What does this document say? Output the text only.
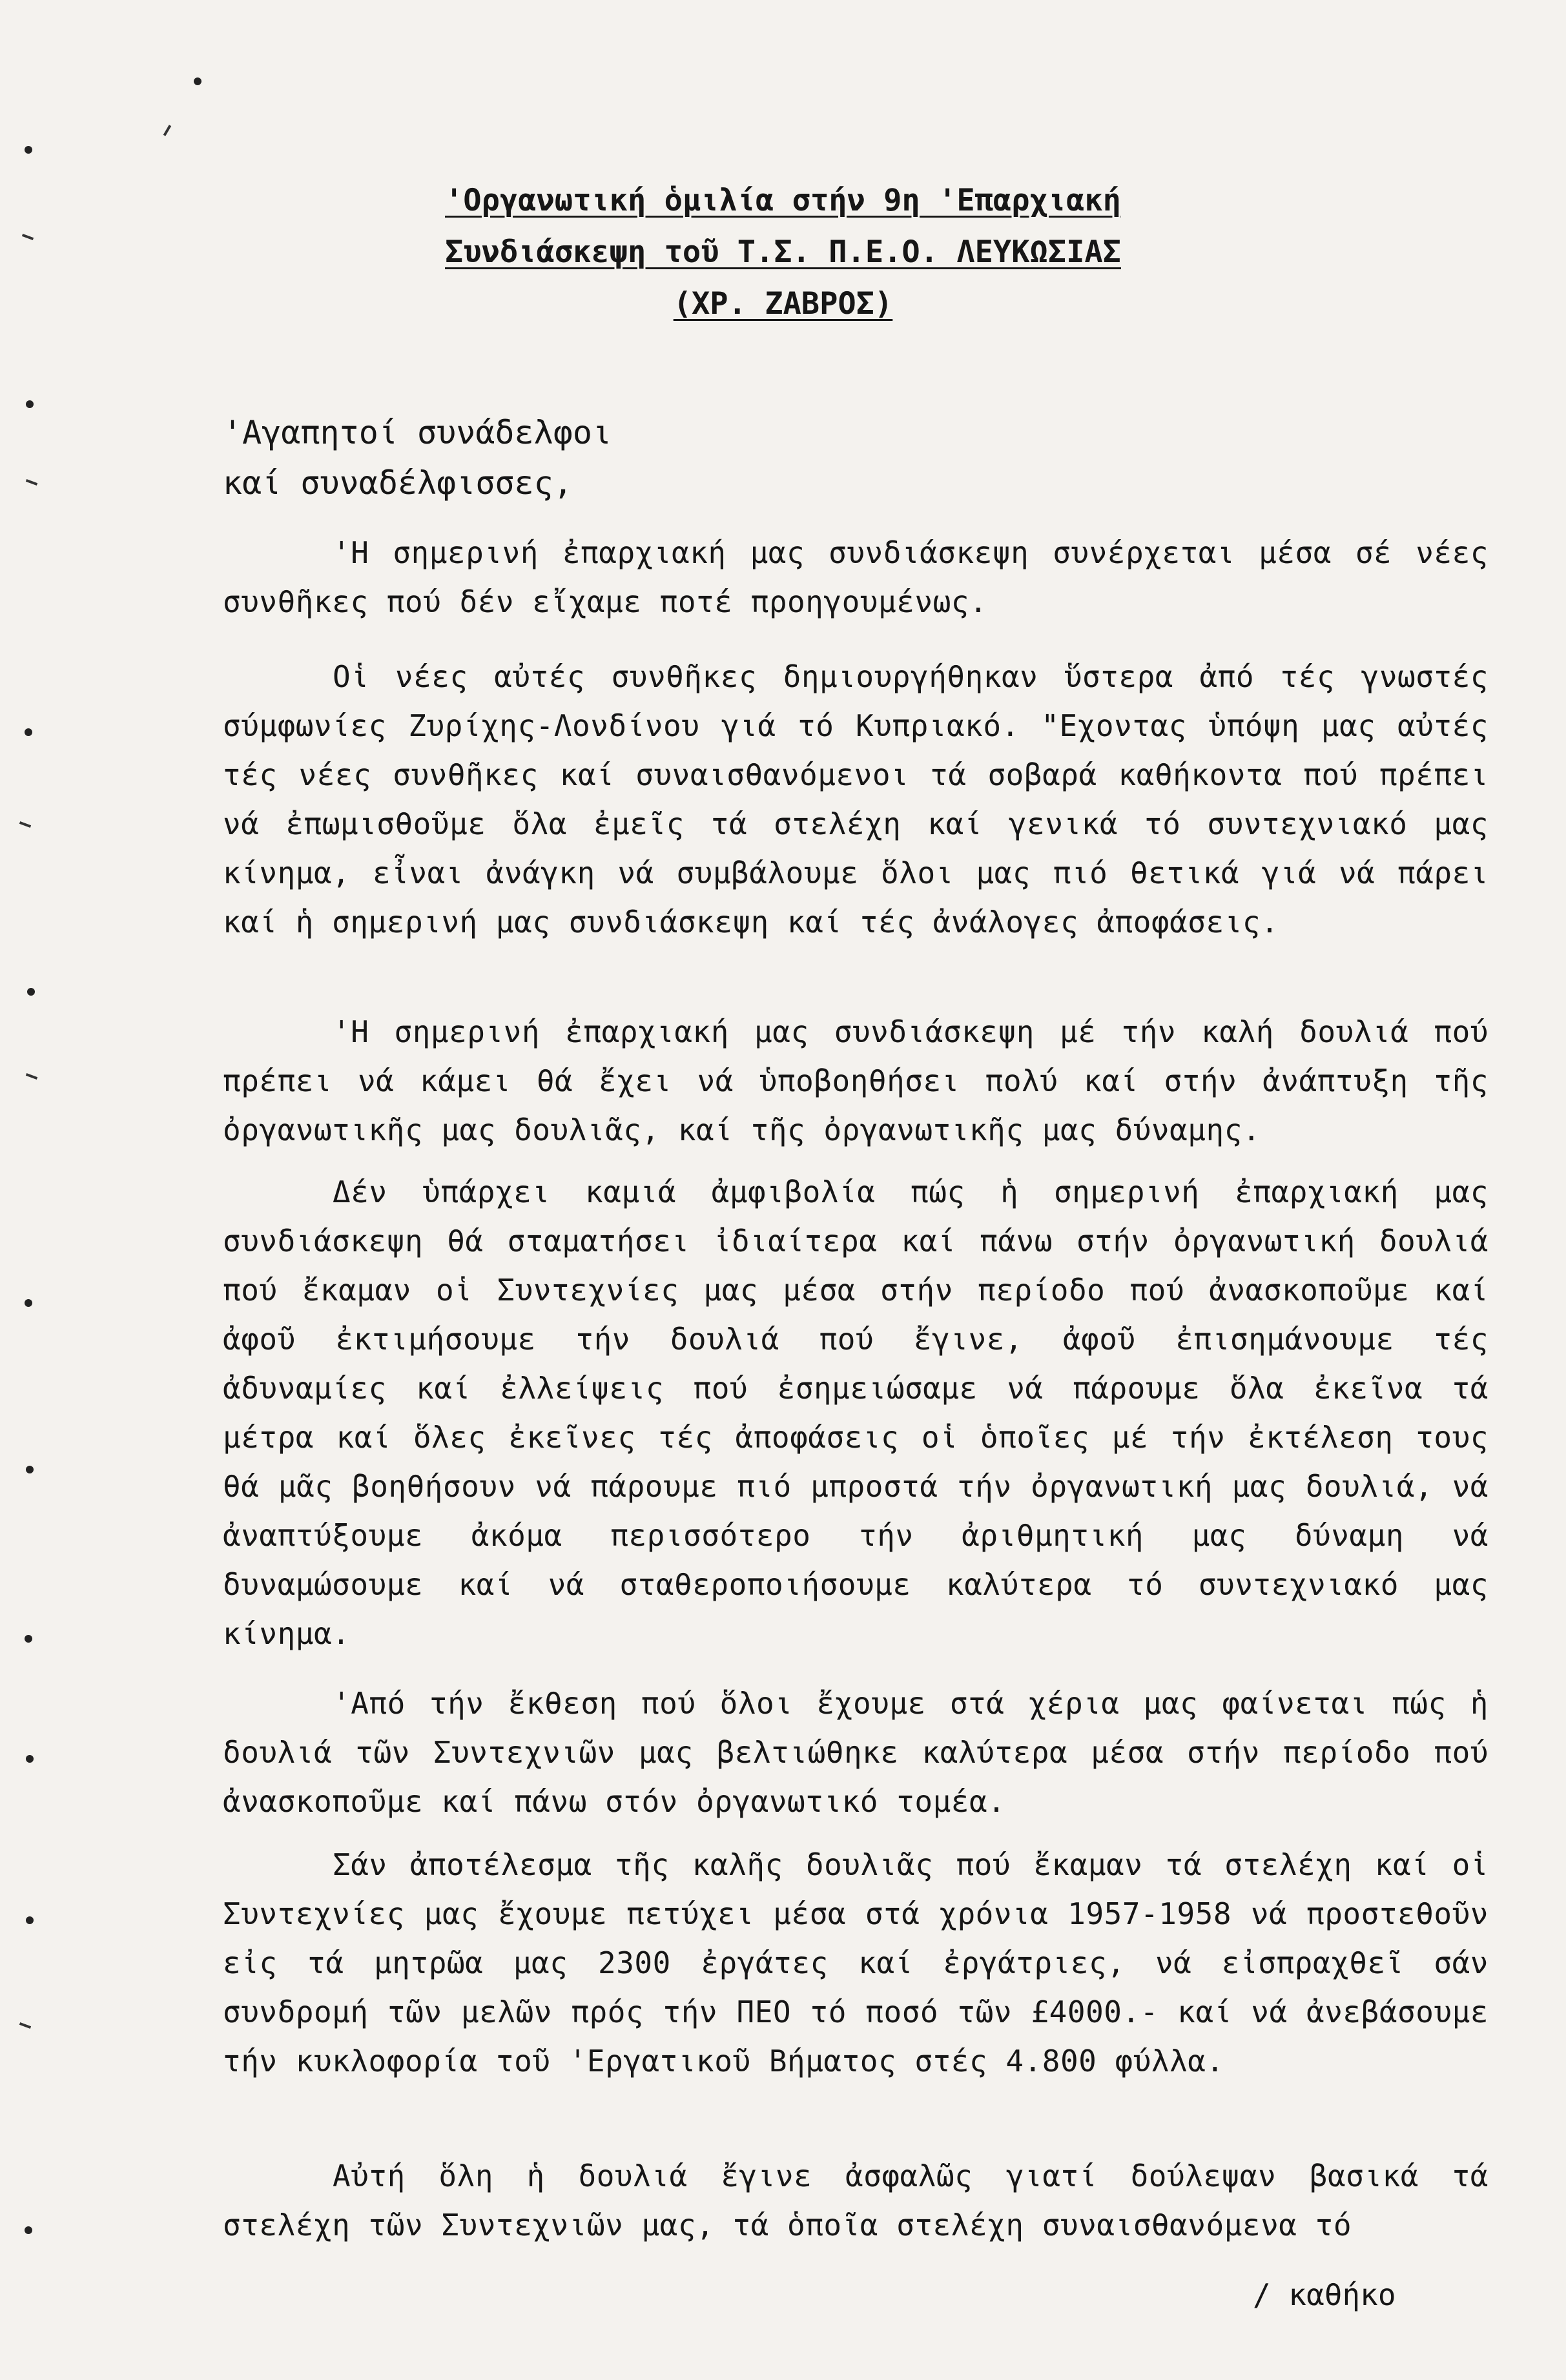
'Οργανωτική ὁμιλία στήν 9η 'Επαρχιακή
Συνδιάσκεψη τοῦ Τ.Σ. Π.Ε.Ο. ΛΕΥΚΩΣΙΑΣ
(ΧΡ. ΖΑΒΡΟΣ)
'Αγαπητοί συνάδελφοι
καί συναδέλφισσες,
'Η σημερινή ἐπαρχιακή μας συνδιάσκεψη συνέρχεται μέσα σέ νέες συνθῆκες πού δέν εἴχαμε ποτέ προηγουμένως.
Οἱ νέες αὐτές συνθῆκες δημιουργήθηκαν ὕστερα ἀπό τές γνωστές σύμφωνίες Ζυρίχης-Λονδίνου γιά τό Κυπριακό. "Εχοντας ὑπόψη μας αὐτές τές νέες συνθῆκες καί συναισθανόμενοι τά σοβαρά καθήκοντα πού πρέπει νά ἐπωμισθοῦμε ὅλα ἐμεῖς τά στελέχη καί γενικά τό συντεχνιακό μας κίνημα, εἶναι ἀνάγκη νά συμβάλουμε ὅλοι μας πιό θετικά γιά νά πάρει καί ἡ σημερινή μας συνδιάσκεψη καί τές ἀνάλογες ἀποφάσεις.
'Η σημερινή ἐπαρχιακή μας συνδιάσκεψη μέ τήν καλή δουλιά πού πρέπει νά κάμει θά ἔχει νά ὑποβοηθήσει πολύ καί στήν ἀνάπτυξη τῆς ὀργανωτικῆς μας δουλιᾶς, καί τῆς ὀργανωτικῆς μας δύναμης.
Δέν ὑπάρχει καμιά ἀμφιβολία πώς ἡ σημερινή ἐπαρχιακή μας συνδιάσκεψη θά σταματήσει ἰδιαίτερα καί πάνω στήν ὀργανωτική δουλιά πού ἔκαμαν οἱ Συντεχνίες μας μέσα στήν περίοδο πού ἀνασκοποῦμε καί ἀφοῦ ἐκτιμήσουμε τήν δουλιά πού ἔγινε, ἀφοῦ ἐπισημάνουμε τές ἀδυναμίες καί ἐλλείψεις πού ἐσημειώσαμε νά πάρουμε ὅλα ἐκεῖνα τά μέτρα καί ὅλες ἐκεῖνες τές ἀποφάσεις οἱ ὁποῖες μέ τήν ἐκτέλεση τους θά μᾶς βοηθήσουν νά πάρουμε πιό μπροστά τήν ὀργανωτική μας δουλιά, νά ἀναπτύξουμε ἀκόμα περισσότερο τήν ἀριθμητική μας δύναμη νά δυναμώσουμε καί νά σταθεροποιήσουμε καλύτερα τό συντεχνιακό μας κίνημα.
'Από τήν ἔκθεση πού ὅλοι ἔχουμε στά χέρια μας φαίνεται πώς ἡ δουλιά τῶν Συντεχνιῶν μας βελτιώθηκε καλύτερα μέσα στήν περίοδο πού ἀνασκοποῦμε καί πάνω στόν ὀργανωτικό τομέα.
Σάν ἀποτέλεσμα τῆς καλῆς δουλιᾶς πού ἔκαμαν τά στελέχη καί οἱ Συντεχνίες μας ἔχουμε πετύχει μέσα στά χρόνια 1957-1958 νά προστεθοῦν εἰς τά μητρῶα μας 2300 ἐργάτες καί ἐργάτριες, νά εἰσπραχθεῖ σάν συνδρομή τῶν μελῶν πρός τήν ΠΕΟ τό ποσό τῶν £4000.- καί νά ἀνεβάσουμε τήν κυκλοφορία τοῦ 'Εργατικοῦ Βήματος στές 4.800 φύλλα.
Αὐτή ὅλη ἡ δουλιά ἔγινε ἀσφαλῶς γιατί δούλεψαν βασικά τά στελέχη τῶν Συντεχνιῶν μας, τά ὁποῖα στελέχη συναισθανόμενα τό
/ καθήκο
